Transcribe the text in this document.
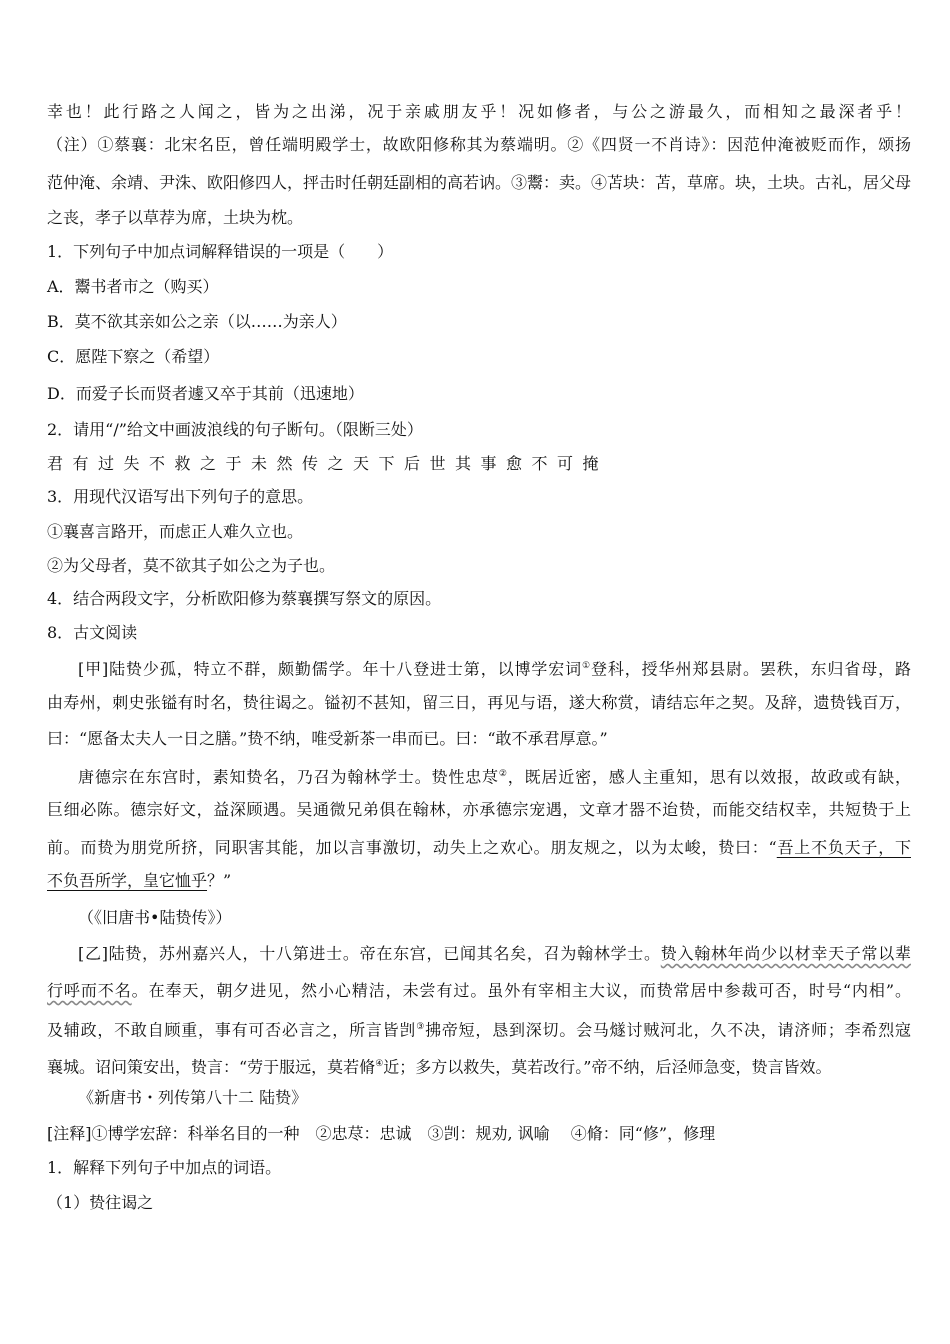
幸也！此行路之人闻之，皆为之出涕，况于亲戚朋友乎！况如修者，与公之游最久，而相知之最深者乎！
（注）①蔡襄：北宋名臣，曾任端明殿学士，故欧阳修称其为蔡端明。②《四贤一不肖诗》：因范仲淹被贬而作，颂扬
范仲淹、余靖、尹洙、欧阳修四人，抨击时任朝廷副相的高若讷。③鬻：卖。④苫块：苫，草席。块，土块。古礼，居父母
之丧，孝子以草荐为席，土块为枕。
1．下列句子中加点词解释错误的一项是（　　）
A．鬻书者市之（购买）
B．莫不欲其亲如公之亲（以……为亲人）
C．愿陛下察之（希望）
D．而爱子长而贤者遽又卒于其前（迅速地）
2．请用“/”给文中画波浪线的句子断句。（限断三处）
君有过失不救之于未然传之天下后世其事愈不可掩
3．用现代汉语写出下列句子的意思。
①襄喜言路开，而虑正人难久立也。
②为父母者，莫不欲其子如公之为子也。
4．结合两段文字，分析欧阳修为蔡襄撰写祭文的原因。
8．古文阅读
[甲]陆贽少孤，特立不群，颇勤儒学。年十八登进士第，以博学宏词①登科，授华州郑县尉。罢秩，东归省母，路
由寿州，刺史张镒有时名，贽往谒之。镒初不甚知，留三日，再见与语，遂大称赏，请结忘年之契。及辞，遗贽钱百万，
曰：“愿备太夫人一日之膳。”贽不纳，唯受新茶一串而已。曰：“敢不承君厚意。”
唐德宗在东宫时，素知贽名，乃召为翰林学士。贽性忠荩②，既居近密，感人主重知，思有以效报，故政或有缺，
巨细必陈。德宗好文，益深顾遇。吴通微兄弟俱在翰林，亦承德宗宠遇，文章才器不迨贽，而能交结权幸，共短贽于上
前。而贽为朋党所挤，同职害其能，加以言事激切，动失上之欢心。朋友规之，以为太峻，贽曰：“吾上不负天子，下
不负吾所学，皇它恤乎？”
（《旧唐书•陆贽传》）
[乙]陆贽，苏州嘉兴人，十八第进士。帝在东宫，已闻其名矣，召为翰林学士。贽入翰林年尚少以材幸天子常以辈
行呼而不名。在奉天，朝夕进见，然小心精洁，未尝有过。虽外有宰相主大议，而贽常居中参裁可否，时号“内相”。
及辅政，不敢自顾重，事有可否必言之，所言皆剀③拂帝短，恳到深切。会马燧讨贼河北，久不决，请济师；李希烈寇
襄城。诏问策安出，贽言：“劳于服远，莫若脩④近；多方以救失，莫若改行。”帝不纳，后泾师急变，贽言皆效。
《新唐书・列传第八十二 陆贽》
[注释]①博学宏辞：科举名目的一种　②忠荩：忠诚　③剀：规劝, 讽喻　 ④脩：同“修”，修理
1．解释下列句子中加点的词语。
（1）贽往谒之
